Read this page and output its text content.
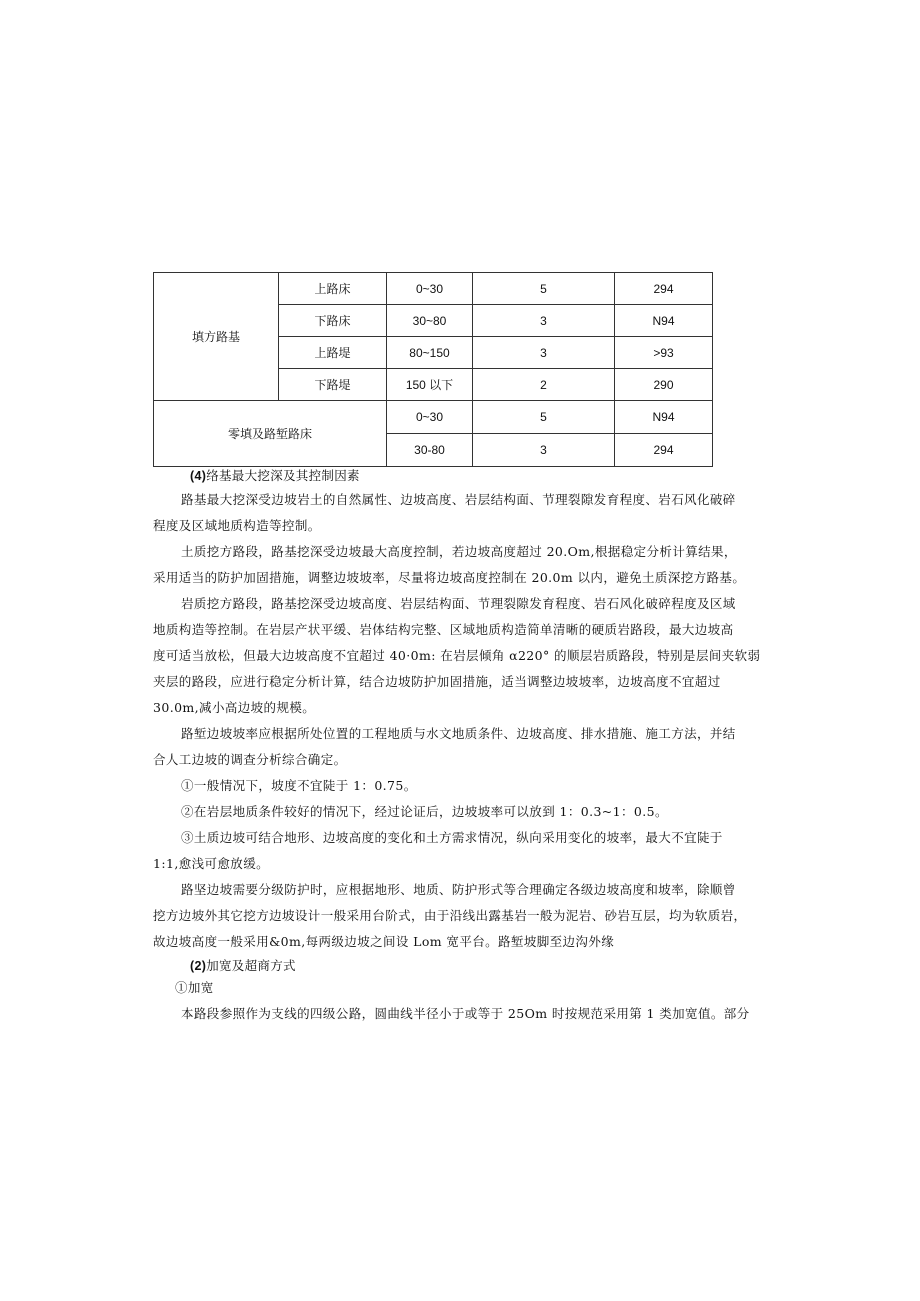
填方路基	上路床	0~30	5	294
	下路床	30~80	3	N94
	上路堤	80~150	3	>93
	下路堤	150 以下	2	290
零填及路堑路床		0~30	5	N94
		30-80	3	294
(4)络基最大挖深及其控制因素
路基最大挖深受边坡岩土的自然属性、边坡高度、岩层结构面、节理裂隙发育程度、岩石风化破碎
程度及区域地质构造等控制。
土质挖方路段，路基挖深受边坡最大高度控制，若边坡高度超过 20.Om,根据稳定分析计算结果，
采用适当的防护加固措施，调整边坡坡率，尽量将边坡高度控制在 20.0m 以内，避免土质深挖方路基。
岩质挖方路段，路基挖深受边坡高度、岩层结构面、节理裂隙发育程度、岩石风化破碎程度及区域
地质构造等控制。在岩层产状平缓、岩体结构完整、区域地质构造简单清晰的硬质岩路段，最大边坡高
度可适当放松，但最大边坡高度不宜超过 40·0m: 在岩层倾角 α220° 的顺层岩质路段，特别是层间夹软弱
夹层的路段，应进行稳定分析计算，结合边坡防护加固措施，适当调整边坡坡率，边坡高度不宜超过
30.0m,减小高边坡的规模。
路堑边坡坡率应根据所处位置的工程地质与水文地质条件、边坡高度、排水措施、施工方法，并结
合人工边坡的调查分析综合确定。
①一般情况下，坡度不宜陡于 1：0.75。
②在岩层地质条件较好的情况下，经过论证后，边坡坡率可以放到 1：0.3~1：0.5。
③土质边坡可结合地形、边坡高度的变化和土方需求情况，纵向采用变化的坡率，最大不宜陡于
1:1,愈浅可愈放缓。
路坚边坡需要分级防护时，应根据地形、地质、防护形式等合理确定各级边坡高度和坡率，除顺曾
挖方边坡外其它挖方边坡设计一般采用台阶式，由于沿线出露基岩一般为泥岩、砂岩互层，均为软质岩，
故边坡高度一般采用&0m,每两级边坡之间设 Lom 宽平台。路堑坡脚至边沟外缘
(2)加宽及超商方式
①加宽
本路段参照作为支线的四级公路，圆曲线半径小于或等于 25Om 时按规范采用第 1 类加宽值。部分
